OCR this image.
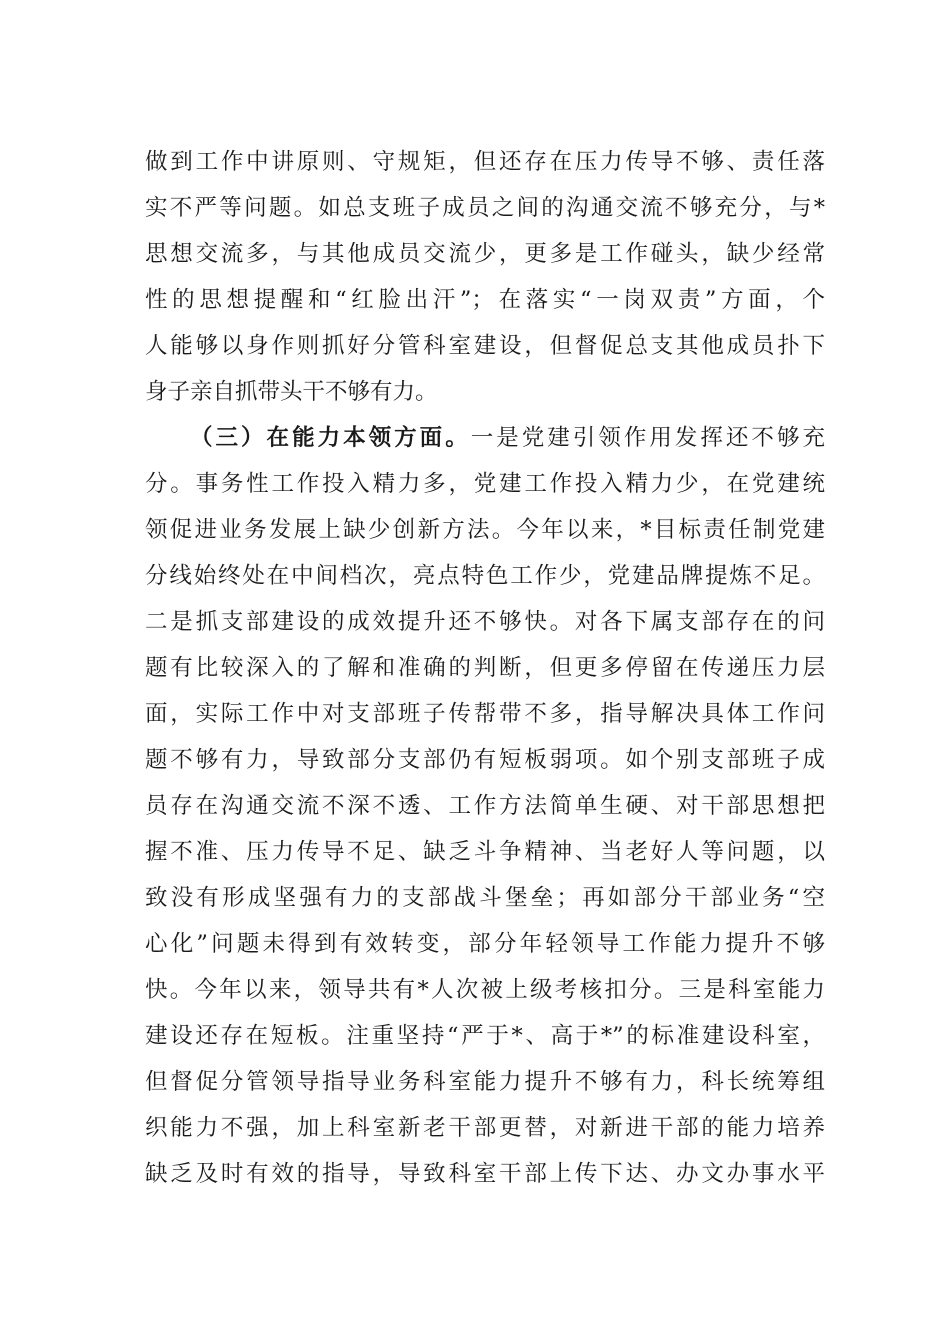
做到工作中讲原则、守规矩，但还存在压力传导不够、责任落
实不严等问题。如总支班子成员之间的沟通交流不够充分，与*
思想交流多，与其他成员交流少，更多是工作碰头，缺少经常
性的思想提醒和“红脸出汗”；在落实“一岗双责”方面，个
人能够以身作则抓好分管科室建设，但督促总支其他成员扑下
身子亲自抓带头干不够有力。
（三）在能力本领方面。一是党建引领作用发挥还不够充
分。事务性工作投入精力多，党建工作投入精力少，在党建统
领促进业务发展上缺少创新方法。今年以来，*目标责任制党建
分线始终处在中间档次，亮点特色工作少，党建品牌提炼不足。
二是抓支部建设的成效提升还不够快。对各下属支部存在的问
题有比较深入的了解和准确的判断，但更多停留在传递压力层
面，实际工作中对支部班子传帮带不多，指导解决具体工作问
题不够有力，导致部分支部仍有短板弱项。如个别支部班子成
员存在沟通交流不深不透、工作方法简单生硬、对干部思想把
握不准、压力传导不足、缺乏斗争精神、当老好人等问题，以
致没有形成坚强有力的支部战斗堡垒；再如部分干部业务“空
心化”问题未得到有效转变，部分年轻领导工作能力提升不够
快。今年以来，领导共有*人次被上级考核扣分。三是科室能力
建设还存在短板。注重坚持“严于*、高于*”的标准建设科室，
但督促分管领导指导业务科室能力提升不够有力，科长统筹组
织能力不强，加上科室新老干部更替，对新进干部的能力培养
缺乏及时有效的指导，导致科室干部上传下达、办文办事水平
